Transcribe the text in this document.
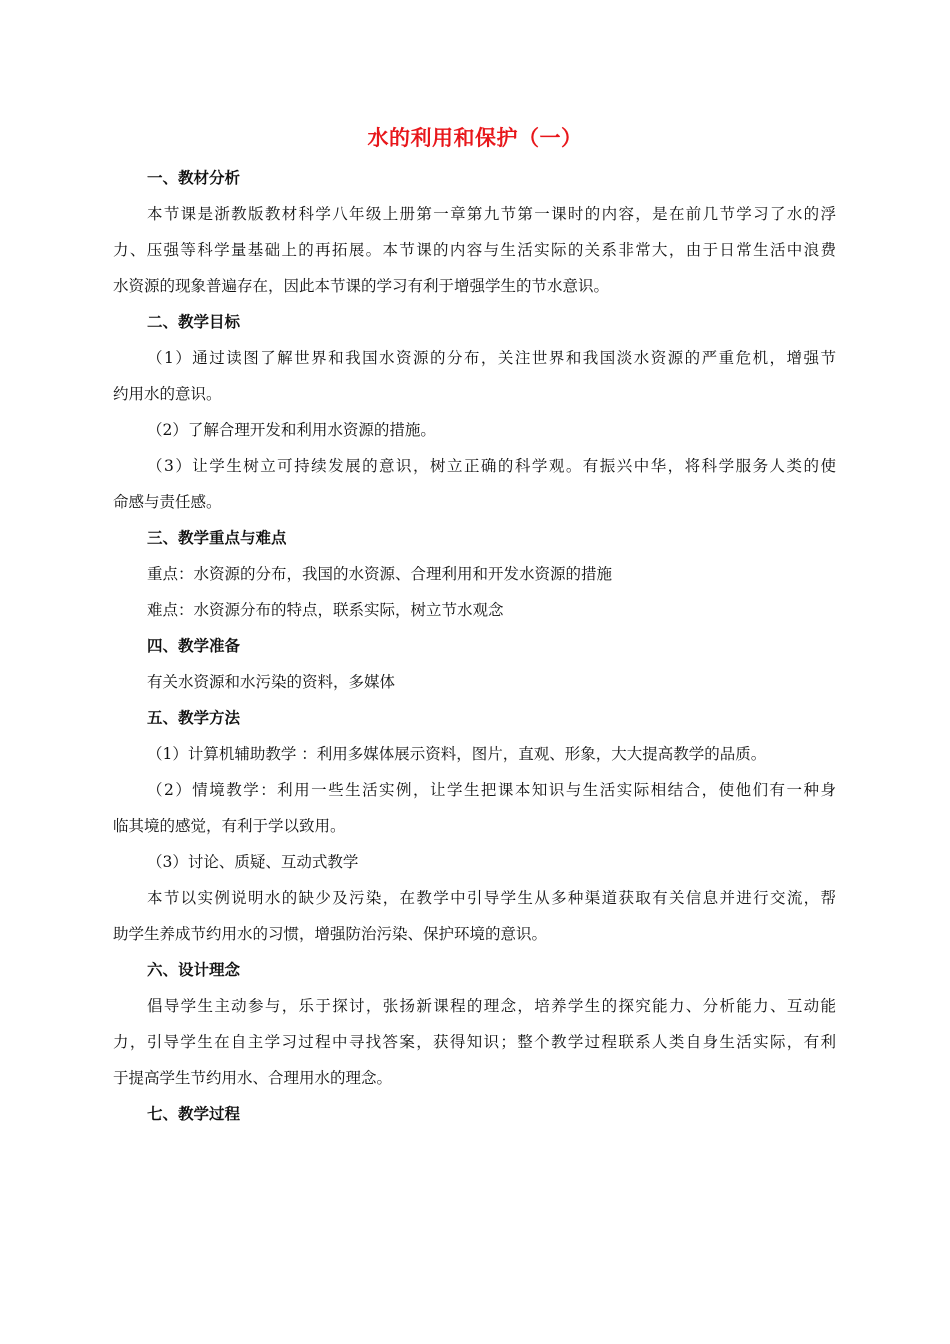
水的利用和保护（一）
一、教材分析
本节课是浙教版教材科学八年级上册第一章第九节第一课时的内容，是在前几节学习了水的浮
力、压强等科学量基础上的再拓展。本节课的内容与生活实际的关系非常大，由于日常生活中浪费
水资源的现象普遍存在，因此本节课的学习有利于增强学生的节水意识。
二、教学目标
（1）通过读图了解世界和我国水资源的分布，关注世界和我国淡水资源的严重危机，增强节
约用水的意识。
（2）了解合理开发和利用水资源的措施。
（3）让学生树立可持续发展的意识，树立正确的科学观。有振兴中华，将科学服务人类的使
命感与责任感。
三、教学重点与难点
重点：水资源的分布，我国的水资源、合理利用和开发水资源的措施
难点：水资源分布的特点，联系实际，树立节水观念
四、教学准备
有关水资源和水污染的资料，多媒体
五、教学方法
（1）计算机辅助教学 ：利用多媒体展示资料，图片，直观、形象，大大提高教学的品质。
（2）情境教学：利用一些生活实例，让学生把课本知识与生活实际相结合，使他们有一种身
临其境的感觉，有利于学以致用。
（3）讨论、质疑、互动式教学
本节以实例说明水的缺少及污染，在教学中引导学生从多种渠道获取有关信息并进行交流，帮
助学生养成节约用水的习惯，增强防治污染、保护环境的意识。
六、设计理念
倡导学生主动参与，乐于探讨，张扬新课程的理念，培养学生的探究能力、分析能力、互动能
力，引导学生在自主学习过程中寻找答案，获得知识；整个教学过程联系人类自身生活实际，有利
于提高学生节约用水、合理用水的理念。
七、教学过程
